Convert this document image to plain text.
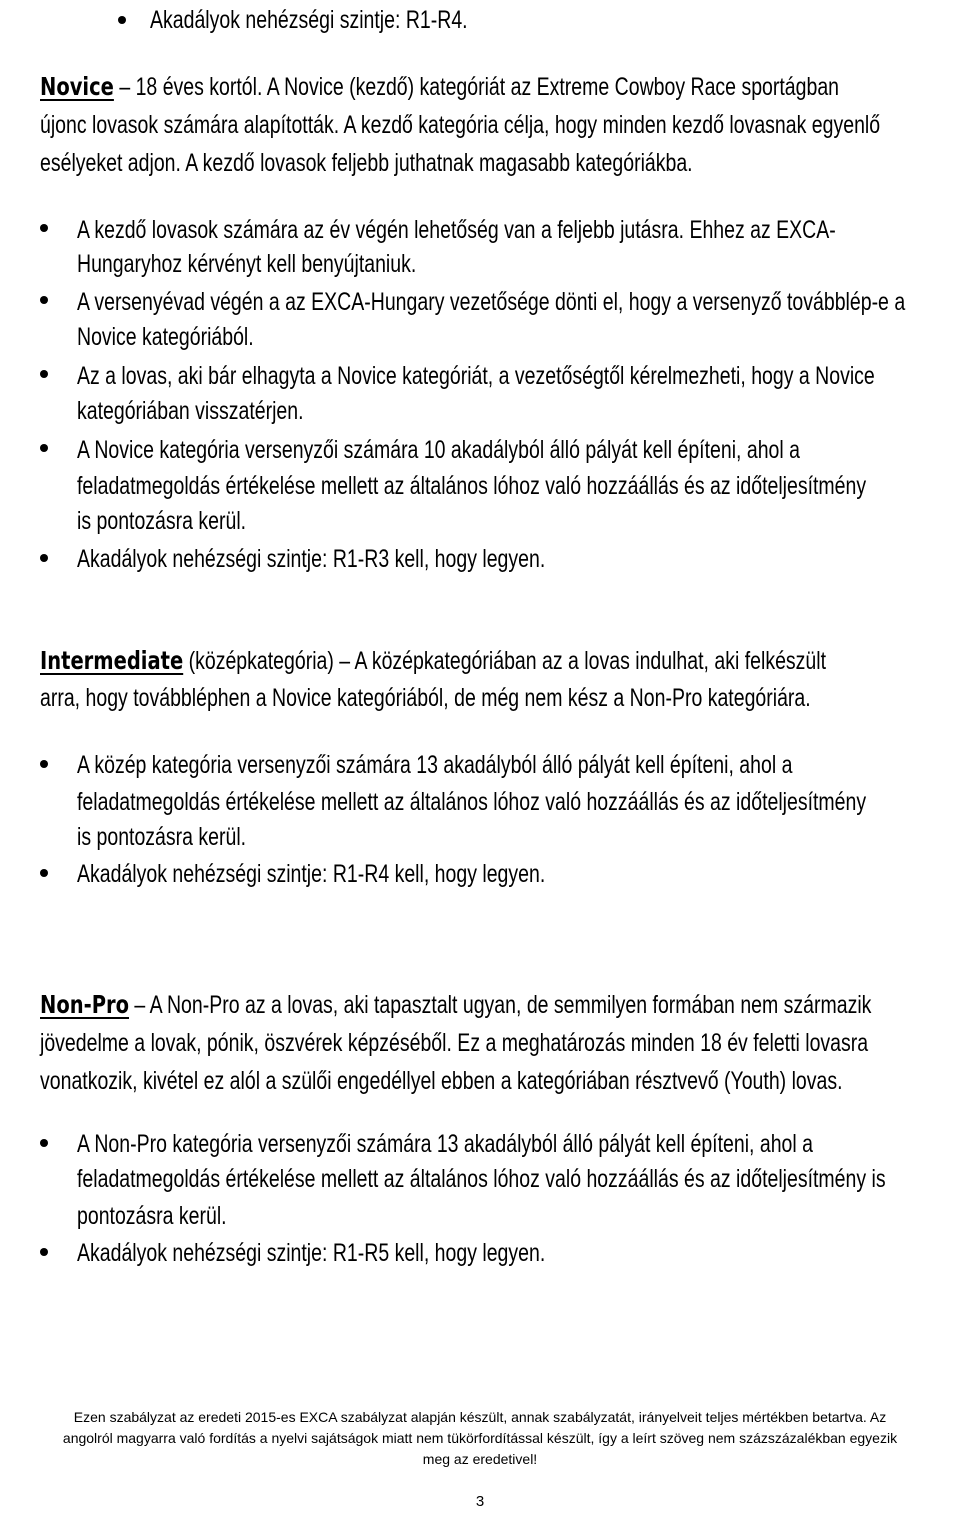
Akadályok nehézségi szintje: R1-R4.
Novice – 18 éves kortól. A Novice (kezdő) kategóriát az Extreme Cowboy Race sportágban
újonc lovasok számára alapították. A kezdő kategória célja, hogy minden kezdő lovasnak egyenlő
esélyeket adjon. A kezdő lovasok feljebb juthatnak magasabb kategóriákba.
A kezdő lovasok számára az év végén lehetőség van a feljebb jutásra. Ehhez az EXCA-
Hungaryhoz kérvényt kell benyújtaniuk.
A versenyévad végén a az EXCA-Hungary vezetősége dönti el, hogy a versenyző továbblép-e a
Novice kategóriából.
Az a lovas, aki bár elhagyta a Novice kategóriát, a vezetőségtől kérelmezheti, hogy a Novice
kategóriában visszatérjen.
A Novice kategória versenyzői számára 10 akadályból álló pályát kell építeni, ahol a
feladatmegoldás értékelése mellett az általános lóhoz való hozzáállás és az időteljesítmény
is pontozásra kerül.
Akadályok nehézségi szintje: R1-R3 kell, hogy legyen.
Intermediate (középkategória) – A középkategóriában az a lovas indulhat, aki felkészült
arra, hogy továbbléphen a Novice kategóriából, de még nem kész a Non-Pro kategóriára.
A közép kategória versenyzői számára 13 akadályból álló pályát kell építeni, ahol a
feladatmegoldás értékelése mellett az általános lóhoz való hozzáállás és az időteljesítmény
is pontozásra kerül.
Akadályok nehézségi szintje: R1-R4 kell, hogy legyen.
Non-Pro – A Non-Pro az a lovas, aki tapasztalt ugyan, de semmilyen formában nem származik
jövedelme a lovak, pónik, öszvérek képzéséből. Ez a meghatározás minden 18 év feletti lovasra
vonatkozik, kivétel ez alól a szülői engedéllyel ebben a kategóriában résztvevő (Youth) lovas.
A Non-Pro kategória versenyzői számára 13 akadályból álló pályát kell építeni, ahol a
feladatmegoldás értékelése mellett az általános lóhoz való hozzáállás és az időteljesítmény is
pontozásra kerül.
Akadályok nehézségi szintje: R1-R5 kell, hogy legyen.
Ezen szabályzat az eredeti 2015-es EXCA szabályzat alapján készült, annak szabályzatát, irányelveit teljes mértékben betartva. Az
angolról magyarra való fordítás a nyelvi sajátságok miatt nem tükörfordítással készült, így a leírt szöveg nem százszázalékban egyezik
meg az eredetivel!
3
